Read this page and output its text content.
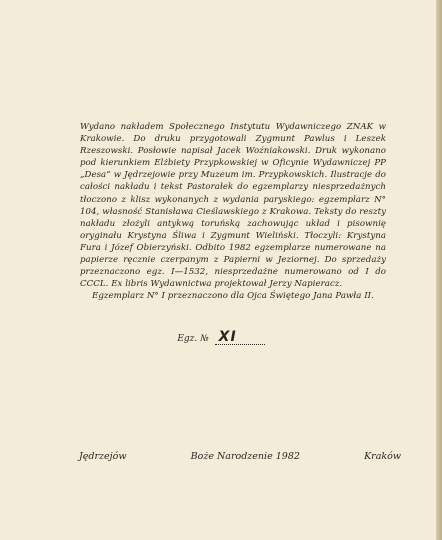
Wydano nakładem Społecznego Instytutu Wydawniczego ZNAK w Krakowie. Do druku przygotowali Zygmunt Pawlus i Leszek Rzeszowski. Posłowie napisał Jacek Woźniakowski. Druk wykonano pod kierunkiem Elżbiety Przypkowskiej w Oficynie Wydawniczej PP „Desa” w Jędrzejowie przy Muzeum im. Przypkowskich. Ilustracje do całości nakładu i tekst Pastorałek do egzemplarzy niesprzedażnych tłoczono z klisz wykonanych z wydania paryskiego: egzemplarz N° 104, własność Stanisława Cieślawskiego z Krakowa. Teksty do reszty nakładu złożyli antykwą toruńską zachowując układ i pisownię oryginału Krystyna Śliwa i Zygmunt Wieliński. Tłoczyli: Krystyna Fura i Józef Obierzyński. Odbito 1982 egzemplarze numerowane na papierze ręcznie czerpanym z Papierni w Jeziornej. Do sprzedaży przeznaczono egz. I—1532, niesprzedażne numerowano od I do CCCL. Ex libris Wydawnictwa projektował Jerzy Napieracz.

Egzemplarz N° I przeznaczono dla Ojca Świętego Jana Pawła II.

Egz. № XI
Jędrzejów	Boże Narodzenie 1982	Kraków
